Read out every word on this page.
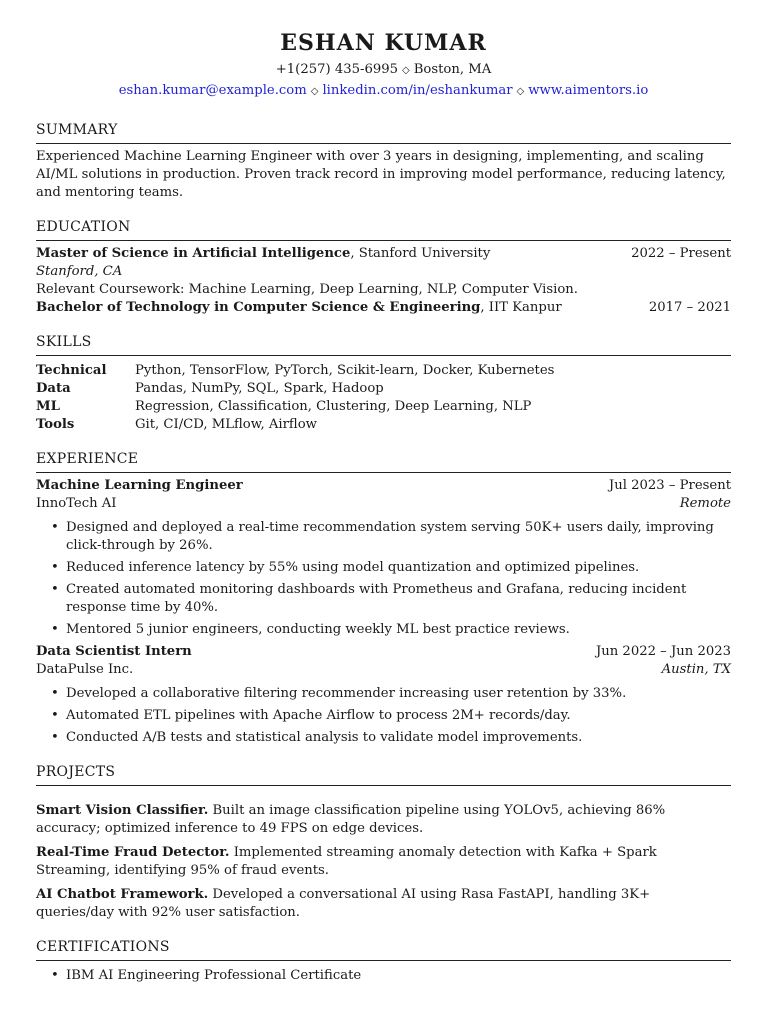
ESHAN KUMAR
+1(257) 435-6995 ◇ Boston, MA
eshan.kumar@example.com ◇ linkedin.com/in/eshankumar ◇ www.aimentors.io
SUMMARY
Experienced Machine Learning Engineer with over 3 years in designing, implementing, and scaling AI/ML solutions in production. Proven track record in improving model performance, reducing latency, and mentoring teams.
EDUCATION
Master of Science in Artificial Intelligence, Stanford University	2022 – Present
Stanford, CA
Relevant Coursework: Machine Learning, Deep Learning, NLP, Computer Vision.
Bachelor of Technology in Computer Science & Engineering, IIT Kanpur	2017 – 2021
SKILLS
Technical	Python, TensorFlow, PyTorch, Scikit-learn, Docker, Kubernetes
Data	Pandas, NumPy, SQL, Spark, Hadoop
ML	Regression, Classification, Clustering, Deep Learning, NLP
Tools	Git, CI/CD, MLflow, Airflow
EXPERIENCE
Machine Learning Engineer	Jul 2023 – Present
InnoTech AI	Remote
• Designed and deployed a real-time recommendation system serving 50K+ users daily, improving click-through by 26%.
• Reduced inference latency by 55% using model quantization and optimized pipelines.
• Created automated monitoring dashboards with Prometheus and Grafana, reducing incident response time by 40%.
• Mentored 5 junior engineers, conducting weekly ML best practice reviews.
Data Scientist Intern	Jun 2022 – Jun 2023
DataPulse Inc.	Austin, TX
• Developed a collaborative filtering recommender increasing user retention by 33%.
• Automated ETL pipelines with Apache Airflow to process 2M+ records/day.
• Conducted A/B tests and statistical analysis to validate model improvements.
PROJECTS
Smart Vision Classifier. Built an image classification pipeline using YOLOv5, achieving 86% accuracy; optimized inference to 49 FPS on edge devices.
Real-Time Fraud Detector. Implemented streaming anomaly detection with Kafka + Spark Streaming, identifying 95% of fraud events.
AI Chatbot Framework. Developed a conversational AI using Rasa FastAPI, handling 3K+ queries/day with 92% user satisfaction.
CERTIFICATIONS
• IBM AI Engineering Professional Certificate
